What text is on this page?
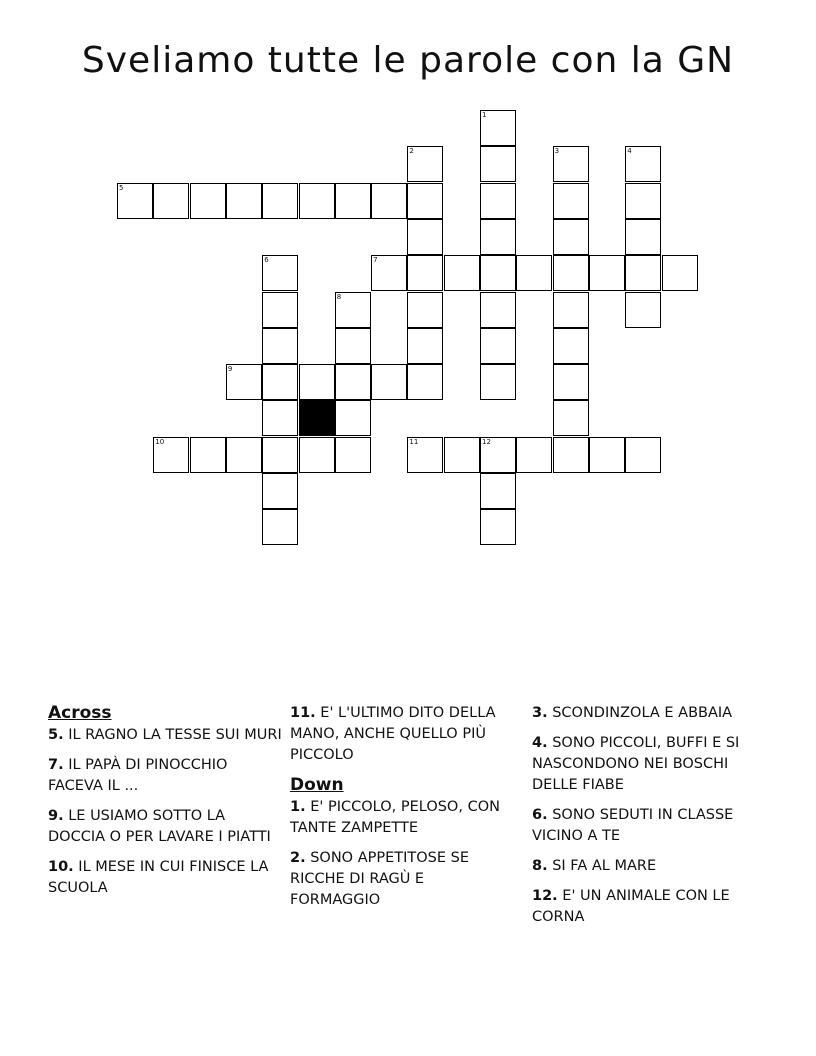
Sveliamo tutte le parole con la GN
5
7
9
10	11	12
1
2	3	4
6
8
Across
5. IL RAGNO LA TESSE SUI MURI
7. IL PAPÀ DI PINOCCHIO FACEVA IL ...
9. LE USIAMO SOTTO LA DOCCIA O PER LAVARE I PIATTI
10. IL MESE IN CUI FINISCE LA SCUOLA
11. E' L'ULTIMO DITO DELLA MANO, ANCHE QUELLO PIÙ PICCOLO
Down
1. E' PICCOLO, PELOSO, CON TANTE ZAMPETTE
2. SONO APPETITOSE SE RICCHE DI RAGÙ E FORMAGGIO
3. SCONDINZOLA E ABBAIA
4. SONO PICCOLI, BUFFI E SI NASCONDONO NEI BOSCHI DELLE FIABE
6. SONO SEDUTI IN CLASSE VICINO A TE
8. SI FA AL MARE
12. E' UN ANIMALE CON LE CORNA
